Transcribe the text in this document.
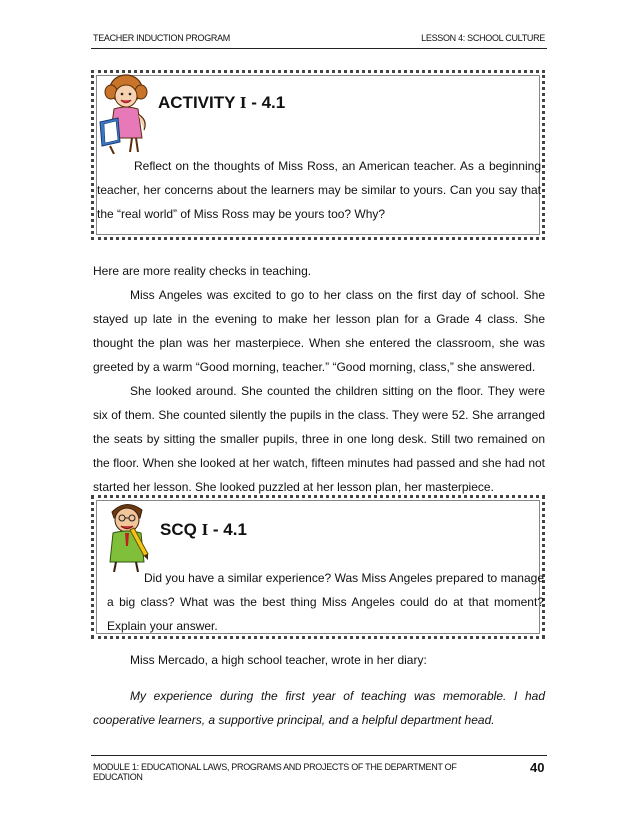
TEACHER INDUCTION PROGRAM	LESSON 4: SCHOOL CULTURE
ACTIVITY I - 4.1

Reflect on the thoughts of Miss Ross, an American teacher. As a beginning teacher, her concerns about the learners may be similar to yours. Can you say that the “real world” of Miss Ross may be yours too? Why?

Here are more reality checks in teaching.

Miss Angeles was excited to go to her class on the first day of school. She stayed up late in the evening to make her lesson plan for a Grade 4 class. She thought the plan was her masterpiece. When she entered the classroom, she was greeted by a warm “Good morning, teacher.” “Good morning, class,” she answered.

She looked around. She counted the children sitting on the floor. They were six of them. She counted silently the pupils in the class. They were 52. She arranged the seats by sitting the smaller pupils, three in one long desk. Still two remained on the floor. When she looked at her watch, fifteen minutes had passed and she had not started her lesson. She looked puzzled at her lesson plan, her masterpiece.

SCQ I - 4.1

Did you have a similar experience? Was Miss Angeles prepared to manage a big class? What was the best thing Miss Angeles could do at that moment? Explain your answer.

Miss Mercado, a high school teacher, wrote in her diary:

My experience during the first year of teaching was memorable. I had cooperative learners, a supportive principal, and a helpful department head.

MODULE 1: EDUCATIONAL LAWS, PROGRAMS AND PROJECTS OF THE DEPARTMENT OF EDUCATION
40
